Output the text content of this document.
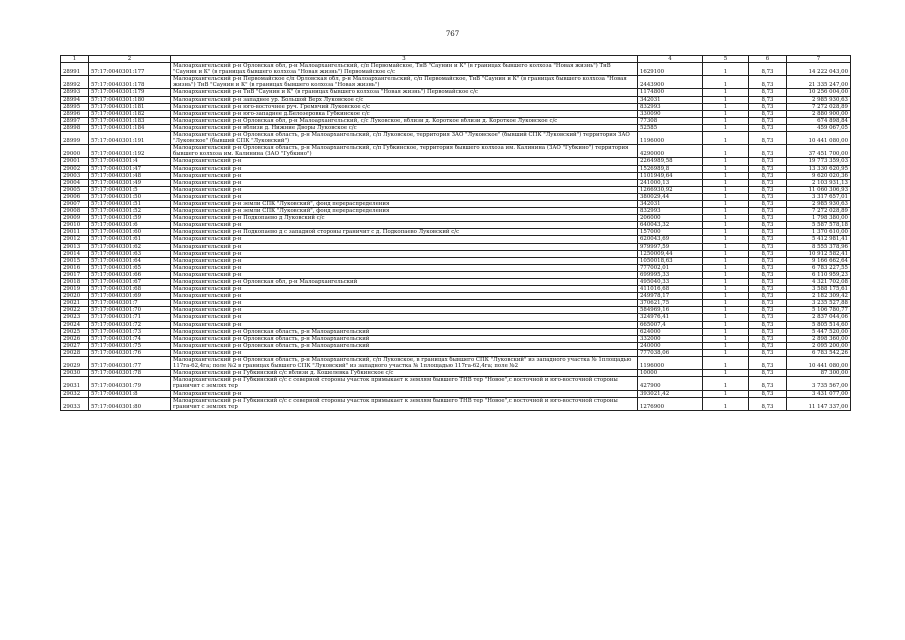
767
1	2	3	4	5	6	7
28991	57:17:0040301:177	Малоархангельский р-н Орловская обл, р-н Малоархангельский, с/п Первомайское, ТнВ "Саунин и К" (в границах бывшего колхоза "Новая жизнь") ТнВ "Саунин и К" (в границах бывшего колхоза "Новая жизнь") Первомайское с/с	1629100	1	8,73	14 222 043,00
28992	57:17:0040301:178	Малоархангельский р-н Первомайское с/п Орловская обл, р-н Малоархангельский, с/п Первомайское, ТнВ "Саунин и К" (в границах бывшего колхоза "Новая жизнь") ТнВ "Саунин и К" (в границах бывшего колхоза "Новая жизнь")	2443900	1	8,73	21 335 247,00
28993	57:17:0040301:179	Малоархангельский р-н ТнВ "Саунин и К" (в границах бывшего колхоза "Новая жизнь") Первомайское с/с	1174800	1	8,73	10 256 004,00
28994	57:17:0040301:180	Малоархангельский р-н западнее ур. Большой Верх Луковское с/с	342031	1	8,73	2 985 930,63
28995	57:17:0040301:181	Малоархангельский р-н юго-восточнее руч. Гремячий Луковское с/с	832993	1	8,73	7 272 028,89
28996	57:17:0040301:182	Малоархангельский р-н юго-западнее д.Белозеровка Губкинское с/с	330090	1	8,73	2 880 900,00
28997	57:17:0040301:183	Малоархангельский р-н Орловская обл, р-н Малоархангельский, с/с Луковское, вблизи д. Короткое вблизи д. Короткое Луковское с/с	77308	1	8,73	674 898,84
28998	57:17:0040301:184	Малоархангельский р-н вблизи д. Нижние Дворы Луковское с/с	52585	1	8,73	459 067,05
28999	57:17:0040301:191	Малоархангельский р-н Орловская область, р-н Малоархангельский, с/п Луковское, территория ЗАО "Луковское" (бывший СПК "Луковский") территория ЗАО "Луковское" (бывший СПК "Луковский")	1196000	1	8,73	10 441 080,00
29000	57:17:0040301:192	Малоархангельский р-н Орловская область, р-н Малоархангельский, с/п Губкинское, территория бывшего колхоза им. Калинина (ЗАО "Губкино") территория бывшего колхоза им. Калинина (ЗАО "Губкино")	4290000	1	8,73	37 451 700,00
29001	57:17:0040301:4	Малоархангельский р-н	2264989,58	1	8,73	19 773 359,03
29002	57:17:0040301:47	Малоархангельский р-н	1526989,8	1	8,73	13 330 620,95
29003	57:17:0040301:48	Малоархангельский р-н	1101949,64	1	8,73	9 620 020,36
29004	57:17:0040301:49	Малоархангельский р-н	241000,13	1	8,73	2 103 931,13
29005	57:17:0040301:5	Малоархангельский р-н	1266930,92	1	8,73	11 060 306,93
29006	57:17:0040301:50	Малоархангельский р-н	380029,44	1	8,73	3 317 657,01
29007	57:17:0040301:51	Малоархангельский р-н земли СПК "Луковский", фонд перераспределения	342031	1	8,73	2 985 930,63
29008	57:17:0040301:52	Малоархангельский р-н земли СПК "Луковский", фонд перераспределения	832993	1	8,73	7 272 028,89
29009	57:17:0040301:59	Малоархангельский р-н Подкопаево д Луковский с/с	206000	1	8,73	1 798 380,00
29010	57:17:0040301:6	Малоархангельский р-н	640043,32	1	8,73	5 587 578,18
29011	57:17:0040301:60	Малоархангельский р-н Подкопаево д с западной стороны граничит с д. Подкопаево Луковский с/с	157000	1	8,73	1 370 610,00
29012	57:17:0040301:61	Малоархангельский р-н	620043,69	1	8,73	5 412 981,41
29013	57:17:0040301:62	Малоархангельский р-н	979997,59	1	8,73	8 555 378,96
29014	57:17:0040301:63	Малоархангельский р-н	1250009,44	1	8,73	10 912 582,41
29015	57:17:0040301:64	Малоархангельский р-н	1050018,63	1	8,73	9 166 662,64
29016	57:17:0040301:65	Малоархангельский р-н	777002,01	1	8,73	6 783 227,55
29017	57:17:0040301:66	Малоархангельский р-н	699995,33	1	8,73	6 110 959,23
29018	57:17:0040301:67	Малоархангельский р-н Орловская обл, р-н Малоархангельский	495040,33	1	8,73	4 321 702,08
29019	57:17:0040301:68	Малоархангельский р-н	411016,68	1	8,73	3 588 175,61
29020	57:17:0040301:69	Малоархангельский р-н	249978,17	1	8,73	2 182 309,42
29021	57:17:0040301:7	Малоархангельский р-н	370621,75	1	8,73	3 235 527,88
29022	57:17:0040301:70	Малоархангельский р-н	584969,16	1	8,73	5 106 780,77
29023	57:17:0040301:71	Малоархангельский р-н	324976,41	1	8,73	2 837 044,06
29024	57:17:0040301:72	Малоархангельский р-н	665007,4	1	8,73	5 805 514,60
29025	57:17:0040301:73	Малоархангельский р-н Орловская область, р-н Малоархангельский	624000	1	8,73	5 447 520,00
29026	57:17:0040301:74	Малоархангельский р-н Орловская область, р-н Малоархангельский	332000	1	8,73	2 898 360,00
29027	57:17:0040301:75	Малоархангельский р-н Орловская область, р-н Малоархангельский	240000	1	8,73	2 095 200,00
29028	57:17:0040301:76	Малоархангельский р-н	777038,06	1	8,73	6 783 542,26
29029	57:17:0040301:77	Малоархангельский р-н Орловская область, р-н Малоархангельский, с/п Луковское, в границах бывшего СПК "Луковский" из западного участка № 1площадью 117га-62,4га; поле №2 в границах бывшего СПК "Луковский" из западного участка № 1площадью 117га-62,4га; поле №2	1196000	1	8,73	10 441 080,00
29030	57:17:0040301:78	Малоархангельский р-н Губкинский с/с вблизи д. Кошелевка Губкинское с/с	10000	1	8,73	87 300,00
29031	57:17:0040301:79	Малоархангельский р-н Губкинский с/с с северной стороны участок примыкает к землям бывшего ТНВ тер "Новое",с восточной и юго-восточной стороны граничит с землях тер	427900	1	8,73	3 735 567,00
29032	57:17:0040301:8	Малоархангельский р-н	393021,42	1	8,73	3 431 077,00
29033	57:17:0040301:80	Малоархангельский р-н Губкинский с/с с северной стороны участок примыкает к землям бывшего ТНВ тер "Новое",с восточной и юго-восточной стороны граничит с землях тер	1276900	1	8,73	11 147 337,00
